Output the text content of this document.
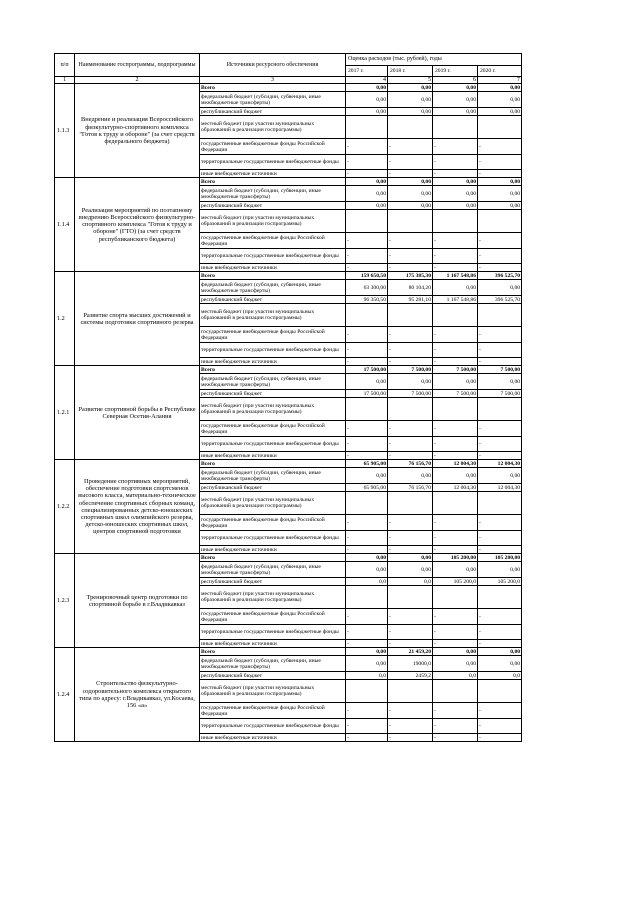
п/п	Наименование госпрограммы, подпрограммы	Источники ресурсного обеспечения	Оценка расходов (тыс. рублей), годы			
			2017 г.	2018 г.	2019 г.	2020 г.
1	2	3	4	5	6	7
1.1.3	Внедрение и реализация Всероссийского физкультурно-спортивного комплекса "Готов к труду и обороне" (за счет средств федерального бюджета)	Всего	0,00	0,00	0,00	0,00
		федеральный бюджет (субсидии, субвенции, иные межбюджетные трансферты)	0,00	0,00	0,00	0,00
		республиканский бюджет	0,00	0,00	0,00	0,00
		местный бюджет (при участии муниципальных образований в реализации госпрограммы)				
		государственные внебюджетные фонды Российской Федерации	-	-	-	-
		территориальные государственные внебюджетные фонды	-	-	-	-
		иные внебюджетные источники	-	-	-	-
1.1.4	Реализация мероприятий по поэтапному внедрению Всероссийского физкультурно-спортивного комплекса "Готов к труду и обороне" (ГТО) (за счет средств республиканского бюджета)	Всего	0,00	0,00	0,00	0,00
		федеральный бюджет (субсидии, субвенции, иные межбюджетные трансферты)	0,00	0,00	0,00	0,00
		республиканский бюджет	0,00	0,00	0,00	0,00
		местный бюджет (при участии муниципальных образований в реализации госпрограммы)				
		государственные внебюджетные фонды Российской Федерации	-	-	-	-
		территориальные государственные внебюджетные фонды	-	-	-	-
		иные внебюджетные источники	-	-	-	-
1.2	Развитие спорта высших достижений и системы подготовки спортивного резерва	Всего	159 650,50	175 385,30	1 167 548,86	396 525,70
		федеральный бюджет (субсидии, субвенции, иные межбюджетные трансферты)	63 300,00	80 104,20	0,00	0,00
		республиканский бюджет	96 350,50	95 281,10	1 167 548,86	396 525,70
		местный бюджет (при участии муниципальных образований в реализации госпрограммы)				
		государственные внебюджетные фонды Российской Федерации	-	-	-	-
		территориальные государственные внебюджетные фонды	-	-	-	-
		иные внебюджетные источники	-	-	-	-
1.2.1	Развитие спортивной борьбы в Республике Северная Осетия-Алания	Всего	17 500,00	7 500,00	7 500,00	7 500,00
		федеральный бюджет (субсидии, субвенции, иные межбюджетные трансферты)	0,00	0,00	0,00	0,00
		республиканский бюджет	17 500,00	7 500,00	7 500,00	7 500,00
		местный бюджет (при участии муниципальных образований в реализации госпрограммы)				
		государственные внебюджетные фонды Российской Федерации	-	-	-	-
		территориальные государственные внебюджетные фонды	-	-	-	-
		иные внебюджетные источники	-	-	-	-
1.2.2	Проведение спортивных мероприятий, обеспечение подготовки спортсменов высокого класса, материально-техническое обеспечение спортивных сборных команд, специализированных детско-юношеских спортивных школ олимпийского резерва, детско-юношеских спортивных школ, центров спортивной подготовки	Всего	65 905,00	76 156,70	12 004,30	12 004,30
		федеральный бюджет (субсидии, субвенции, иные межбюджетные трансферты)	0,00	0,00	0,00	0,00
		республиканский бюджет	65 905,00	76 156,70	12 004,30	12 004,30
		местный бюджет (при участии муниципальных образований в реализации госпрограммы)				
		государственные внебюджетные фонды Российской Федерации	-	-	-	-
		территориальные государственные внебюджетные фонды	-	-	-	-
		иные внебюджетные источники	-	-	-	-
1.2.3	Тренировочный центр подготовки по спортивной борьбе в г.Владикавказ	Всего	0,00	0,00	105 200,00	105 200,00
		федеральный бюджет (субсидии, субвенции, иные межбюджетные трансферты)	0,00	0,00	0,00	0,00
		республиканский бюджет	0,0	0,0	105 200,0	105 200,0
		местный бюджет (при участии муниципальных образований в реализации госпрограммы)				
		государственные внебюджетные фонды Российской Федерации	-	-	-	-
		территориальные государственные внебюджетные фонды	-	-	-	-
		иные внебюджетные источники	-	-	-	-
1.2.4	Строительство физкультурно-оздоровительного комплекса открытого типа по адресу: г.Владикавказ, ул.Косаева, 156 «а»	Всего	0,00	21 459,20	0,00	0,00
		федеральный бюджет (субсидии, субвенции, иные межбюджетные трансферты)	0,00	19000,0	0,00	0,00
		республиканский бюджет	0,0	2459,2	0,0	0,0
		местный бюджет (при участии муниципальных образований в реализации госпрограммы)				
		государственные внебюджетные фонды Российской Федерации	-	-	-	-
		территориальные государственные внебюджетные фонды	-	-	-	-
		иные внебюджетные источники	-	-	-	-
